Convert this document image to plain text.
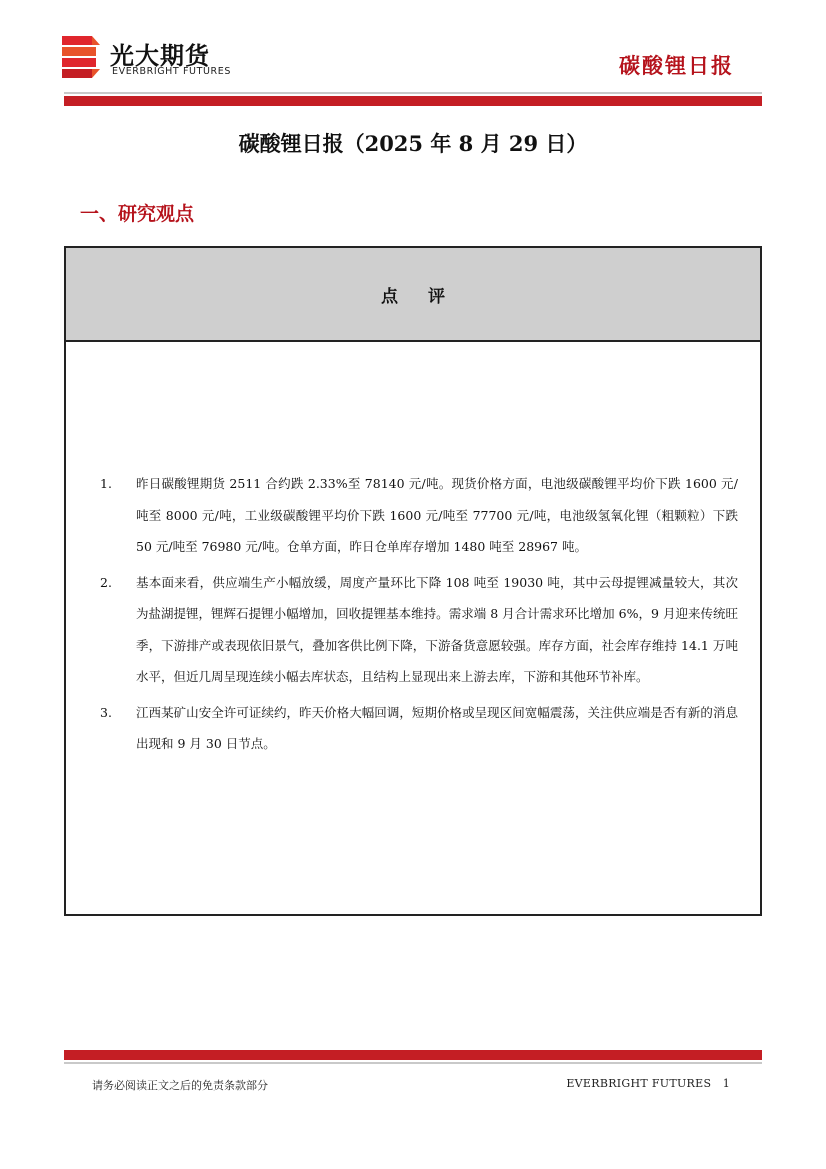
光大期货
EVERBRIGHT FUTURES	碳酸锂日报
碳酸锂日报（2025 年 8 月 29 日）
一、研究观点
点 评
1. 昨日碳酸锂期货 2511 合约跌 2.33%至 78140 元/吨。现货价格方面，电池级碳酸锂平均价下跌 1600 元/吨至 8000 元/吨，工业级碳酸锂平均价下跌 1600 元/吨至 77700 元/吨，电池级氢氧化锂（粗颗粒）下跌 50 元/吨至 76980 元/吨。仓单方面，昨日仓单库存增加 1480 吨至 28967 吨。
2. 基本面来看，供应端生产小幅放缓，周度产量环比下降 108 吨至 19030 吨，其中云母提锂减量较大，其次为盐湖提锂，锂辉石提锂小幅增加，回收提锂基本维持。需求端 8 月合计需求环比增加 6%，9 月迎来传统旺季，下游排产或表现依旧景气，叠加客供比例下降，下游备货意愿较强。库存方面，社会库存维持 14.1 万吨水平，但近几周呈现连续小幅去库状态，且结构上显现出来上游去库，下游和其他环节补库。
3. 江西某矿山安全许可证续约，昨天价格大幅回调，短期价格或呈现区间宽幅震荡，关注供应端是否有新的消息出现和 9 月 30 日节点。
请务必阅读正文之后的免责条款部分	EVERBRIGHT FUTURES 1
